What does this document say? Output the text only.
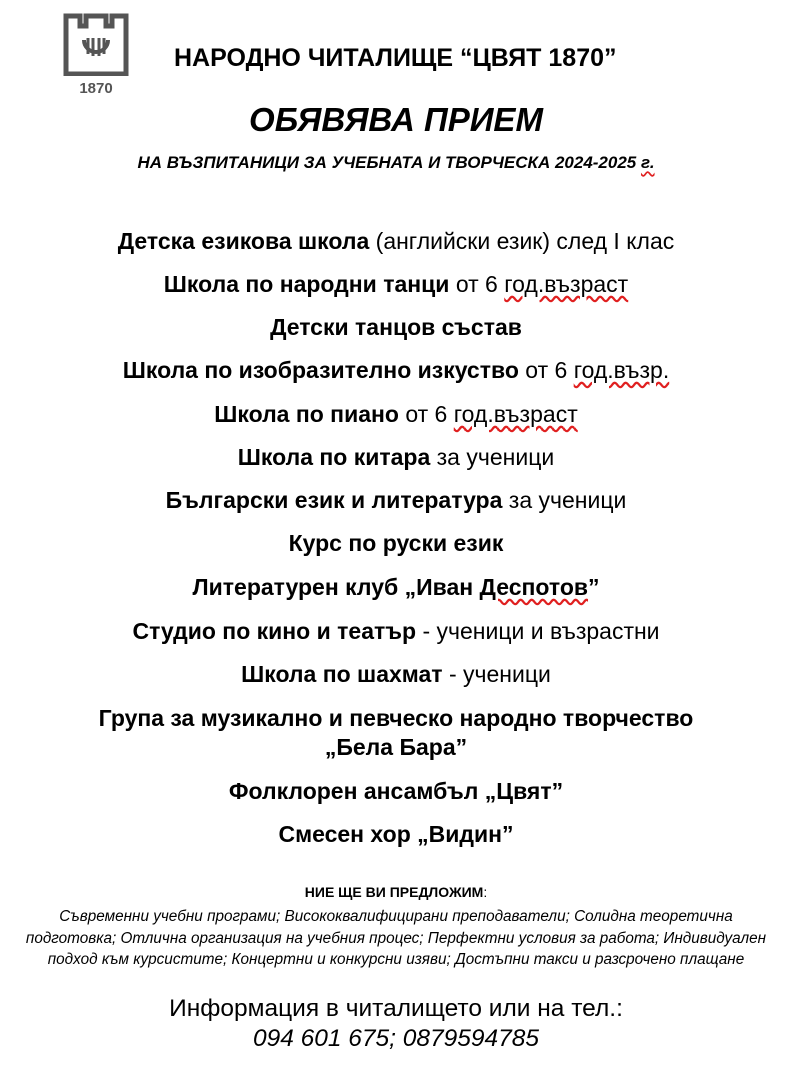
1870
НАРОДНО ЧИТАЛИЩЕ “ЦВЯТ 1870”
ОБЯВЯВА ПРИЕМ
НА ВЪЗПИТАНИЦИ ЗА УЧЕБНАТА И ТВОРЧЕСКА 2024-2025 г.
Детска езикова школа (английски език) след І клас
Школа по народни танци от 6 год.възраст
Детски танцов състав
Школа по изобразително изкуство от 6 год.възр.
Школа по пиано от 6 год.възраст
Школа по китара за ученици
Български език и литература за ученици
Курс по руски език
Литературен клуб „Иван Деспотов”
Студио по кино и театър - ученици и възрастни
Школа по шахмат - ученици
Група за музикално и певческо народно творчество
„Бела Бара”
Фолклорен ансамбъл „Цвят”
Смесен хор „Видин”
НИЕ ЩЕ ВИ ПРЕДЛОЖИМ:
Съвременни учебни програми; Висококвалифицирани преподаватели; Солидна теоретична подготовка; Отлична организация на учебния процес; Перфектни условия за работа; Индивидуален подход към курсистите; Концертни и конкурсни изяви; Достъпни такси и разсрочено плащане
Информация в читалището или на тел.:
094 601 675; 0879594785
